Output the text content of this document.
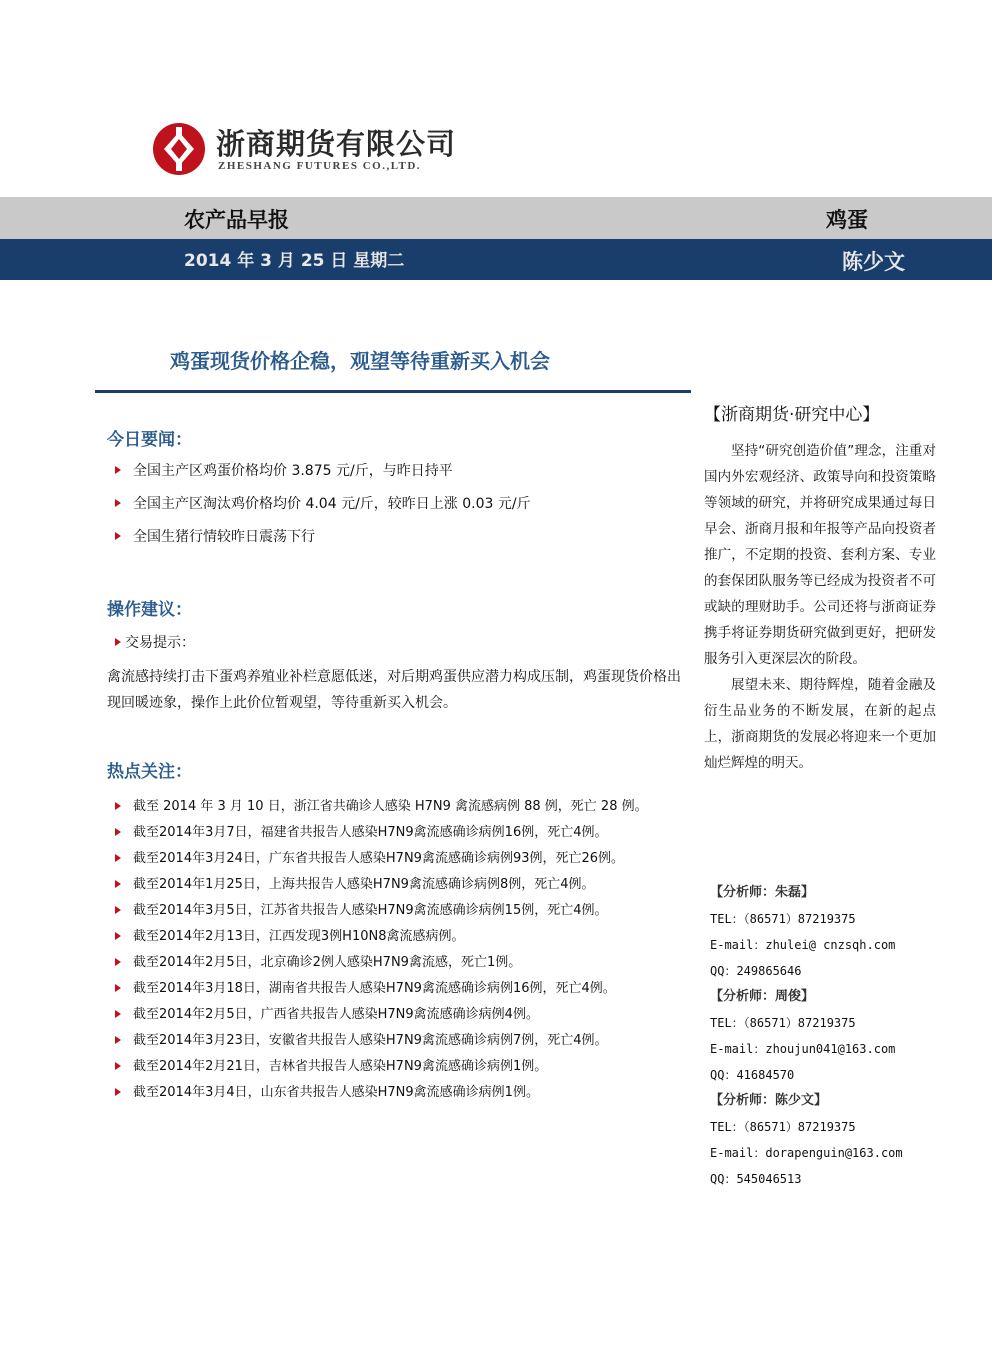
浙商期货有限公司
ZHESHANG FUTURES CO.,LTD.
农产品早报	鸡蛋
2014 年 3 月 25 日 星期二	陈少文
鸡蛋现货价格企稳，观望等待重新买入机会
今日要闻：
全国主产区鸡蛋价格均价 3.875 元/斤，与昨日持平
全国主产区淘汰鸡价格均价 4.04 元/斤，较昨日上涨 0.03 元/斤
全国生猪行情较昨日震荡下行
操作建议：
交易提示：
禽流感持续打击下蛋鸡养殖业补栏意愿低迷，对后期鸡蛋供应潜力构成压制，鸡蛋现货价格出现回暖迹象，操作上此价位暂观望，等待重新买入机会。
热点关注：
截至 2014 年 3 月 10 日，浙江省共确诊人感染 H7N9 禽流感病例 88 例，死亡 28 例。
截至2014年3月7日，福建省共报告人感染H7N9禽流感确诊病例16例，死亡4例。
截至2014年3月24日，广东省共报告人感染H7N9禽流感确诊病例93例，死亡26例。
截至2014年1月25日，上海共报告人感染H7N9禽流感确诊病例8例，死亡4例。
截至2014年3月5日，江苏省共报告人感染H7N9禽流感确诊病例15例，死亡4例。
截至2014年2月13日，江西发现3例H10N8禽流感病例。
截至2014年2月5日，北京确诊2例人感染H7N9禽流感，死亡1例。
截至2014年3月18日，湖南省共报告人感染H7N9禽流感确诊病例16例，死亡4例。
截至2014年2月5日，广西省共报告人感染H7N9禽流感确诊病例4例。
截至2014年3月23日，安徽省共报告人感染H7N9禽流感确诊病例7例，死亡4例。
截至2014年2月21日，吉林省共报告人感染H7N9禽流感确诊病例1例。
截至2014年3月4日，山东省共报告人感染H7N9禽流感确诊病例1例。
【浙商期货·研究中心】

坚持“研究创造价值”理念，注重对国内外宏观经济、政策导向和投资策略等领域的研究，并将研究成果通过每日早会、浙商月报和年报等产品向投资者推广，不定期的投资、套利方案、专业的套保团队服务等已经成为投资者不可或缺的理财助手。公司还将与浙商证券携手将证券期货研究做到更好，把研发服务引入更深层次的阶段。

展望未来、期待辉煌，随着金融及衍生品业务的不断发展，在新的起点上，浙商期货的发展必将迎来一个更加灿烂辉煌的明天。

【分析师：朱磊】
TEL：（86571）87219375
E-mail：zhulei@ cnzsqh.com
QQ：249865646
【分析师：周俊】
TEL：（86571）87219375
E-mail：zhoujun041@163.com
QQ：41684570
【分析师：陈少文】
TEL：（86571）87219375
E-mail：dorapenguin@163.com
QQ：545046513
